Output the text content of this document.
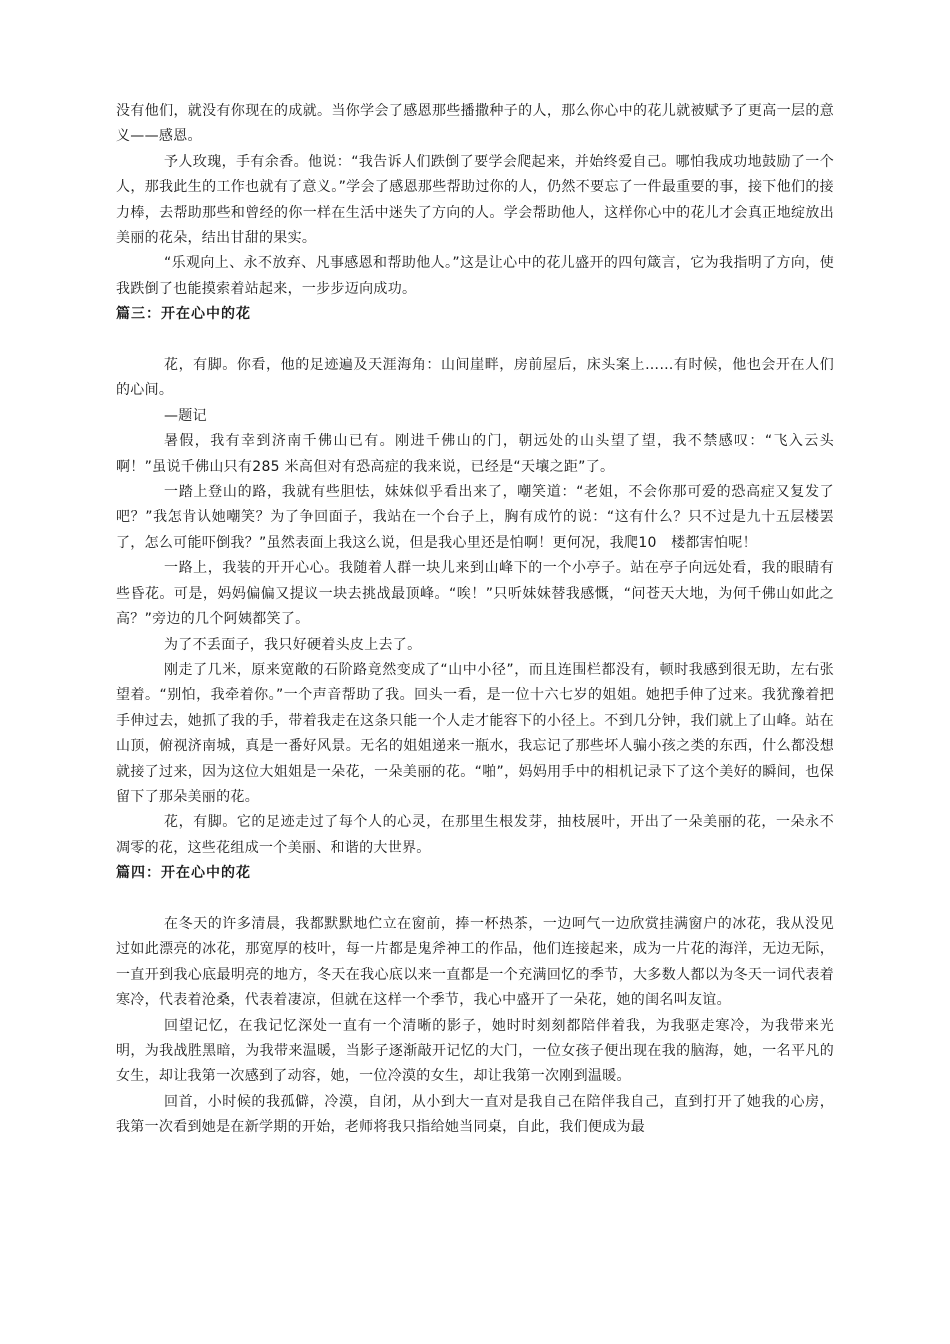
没有他们，就没有你现在的成就。当你学会了感恩那些播撒种子的人，那么你心中的花儿就被赋予了更高一层的意义——感恩。

予人玫瑰，手有余香。他说：“我告诉人们跌倒了要学会爬起来，并始终爱自己。哪怕我成功地鼓励了一个人，那我此生的工作也就有了意义。”学会了感恩那些帮助过你的人，仍然不要忘了一件最重要的事，接下他们的接力棒，去帮助那些和曾经的你一样在生活中迷失了方向的人。学会帮助他人，这样你心中的花儿才会真正地绽放出美丽的花朵，结出甘甜的果实。

“乐观向上、永不放弃、凡事感恩和帮助他人。”这是让心中的花儿盛开的四句箴言，它为我指明了方向，使我跌倒了也能摸索着站起来，一步步迈向成功。

篇三：开在心中的花

花，有脚。你看，他的足迹遍及天涯海角：山间崖畔，房前屋后，床头案上……有时候，他也会开在人们的心间。

—题记

暑假，我有幸到济南千佛山已有。刚进千佛山的门，朝远处的山头望了望，我不禁感叹：“飞入云头啊！”虽说千佛山只有285 米高但对有恐高症的我来说，已经是“天壤之距”了。

一踏上登山的路，我就有些胆怯，妹妹似乎看出来了，嘲笑道：“老姐，不会你那可爱的恐高症又复发了吧？”我怎肯认她嘲笑？为了争回面子，我站在一个台子上，胸有成竹的说：“这有什么？只不过是九十五层楼罢了，怎么可能吓倒我？”虽然表面上我这么说，但是我心里还是怕啊！更何况，我爬10　楼都害怕呢！

一路上，我装的开开心心。我随着人群一块儿来到山峰下的一个小亭子。站在亭子向远处看，我的眼睛有些昏花。可是，妈妈偏偏又提议一块去挑战最顶峰。“唉！”只听妹妹替我感慨，“问苍天大地，为何千佛山如此之高？”旁边的几个阿姨都笑了。

为了不丢面子，我只好硬着头皮上去了。

刚走了几米，原来宽敞的石阶路竟然变成了“山中小径”，而且连围栏都没有，顿时我感到很无助，左右张望着。“别怕，我牵着你。”一个声音帮助了我。回头一看，是一位十六七岁的姐姐。她把手伸了过来。我犹豫着把手伸过去，她抓了我的手，带着我走在这条只能一个人走才能容下的小径上。不到几分钟，我们就上了山峰。站在山顶，俯视济南城，真是一番好风景。无名的姐姐递来一瓶水，我忘记了那些坏人骗小孩之类的东西，什么都没想就接了过来，因为这位大姐姐是一朵花，一朵美丽的花。“啪”，妈妈用手中的相机记录下了这个美好的瞬间，也保留下了那朵美丽的花。

花，有脚。它的足迹走过了每个人的心灵，在那里生根发芽，抽枝展叶，开出了一朵美丽的花，一朵永不凋零的花，这些花组成一个美丽、和谐的大世界。

篇四：开在心中的花

在冬天的许多清晨，我都默默地伫立在窗前，捧一杯热茶，一边呵气一边欣赏挂满窗户的冰花，我从没见过如此漂亮的冰花，那宽厚的枝叶，每一片都是鬼斧神工的作品，他们连接起来，成为一片花的海洋，无边无际，一直开到我心底最明亮的地方，冬天在我心底以来一直都是一个充满回忆的季节，大多数人都以为冬天一词代表着寒冷，代表着沧桑，代表着凄凉，但就在这样一个季节，我心中盛开了一朵花，她的闺名叫友谊。

回望记忆，在我记忆深处一直有一个清晰的影子，她时时刻刻都陪伴着我，为我驱走寒冷，为我带来光明，为我战胜黑暗，为我带来温暖，当影子逐渐敲开记忆的大门，一位女孩子便出现在我的脑海，她，一名平凡的女生，却让我第一次感到了动容，她，一位冷漠的女生，却让我第一次刚到温暖。

回首，小时候的我孤僻，冷漠，自闭，从小到大一直对是我自己在陪伴我自己，直到打开了她我的心房，我第一次看到她是在新学期的开始，老师将我只指给她当同桌，自此，我们便成为最
